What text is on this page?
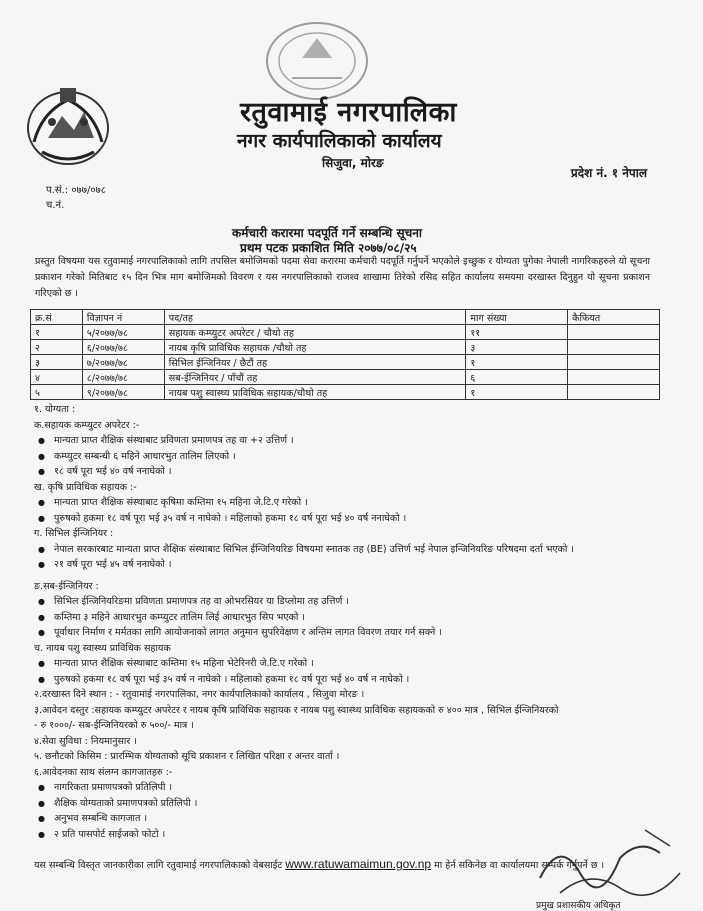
रतुवामाई नगरपालिका
नगर कार्यपालिकाको कार्यालय
सिजुवा, मोरङ
प्रदेश नं. १ नेपाल
प.सं.: ०७७/०७८
च.नं.
कर्मचारी करारमा पदपूर्ति गर्ने सम्बन्धि सूचना
प्रथम पटक प्रकाशित मिति २०७७/०८/२५
प्रस्तुत विषयमा यस रतुवामाई नगरपालिकाको लागि तपसिल बमोजिमको पदमा सेवा करारमा कर्मचारी पदपूर्ति गर्नुपर्ने भएकोले इच्छुक र योग्यता पुगेका नेपाली नागरिकहरुले यो सूचना प्रकाशन गरेको मितिबाट १५ दिन भित्र माग बमोजिमको विवरण र यस नगरपालिकाको राजश्व शाखामा तिरेको रसिद सहित कार्यालय समयमा दरखास्त दिनुहुन यो सूचना प्रकाशन गरिएको छ ।
क्र.सं	विज्ञापन नं	पद/तह	माग संख्या	कैफियत
१	५/२०७७/७८	सहायक कम्प्युटर अपरेटर / चौथो तह	११	
२	६/२०७७/७८	नायब कृषि प्राविधिक सहायक /चौथो तह	३	
३	७/२०७७/७८	सिभिल ईन्जिनियर / छैटौं तह	१	
४	८/२०७७/७८	सब-ईन्जिनियर / पाँचौं तह	६	
५	९/२०७७/७८	नायब पशु स्वास्थ्य प्राविधिक सहायक/चौथो तह	१	
१. योग्यता :
क.सहायक कम्प्युटर अपरेटर :-
● मान्यता प्राप्त शैक्षिक संस्थाबाट प्रविणता प्रमाणपत्र तह वा +२ उत्तिर्ण ।
● कम्प्युटर सम्बन्धी ६ महिने आधारभुत तालिम लिएको ।
● १८ वर्ष पूरा भई ४० वर्ष ननाघेको ।
ख. कृषि प्राविधिक सहायक :-
● मान्यता प्राप्त शैक्षिक संस्थाबाट कृषिमा कम्तिमा १५ महिना जे.टि.ए गरेको ।
● पुरुषको हकमा १८ वर्ष पूरा भई ३५ वर्ष न नाघेको । महिलाको हकमा १८ वर्ष पूरा भई ४० वर्ष ननाघेको ।
ग. सिभिल ईन्जिनियर :
● नेपाल सरकारबाट मान्यता प्राप्त शैक्षिक संस्थाबाट सिभिल ईन्जिनियरिङ विषयमा स्नातक तह (BE) उत्तिर्ण भई नेपाल इन्जिनियरिङ परिषदमा दर्ता भएको ।
● २१ वर्ष पूरा भई ४५ वर्ष ननाघेको ।
ङ.सब-ईन्जिनियर :
● सिभिल ईन्जिनियरिङमा प्रविणता प्रमाणपत्र तह वा ओभरसियर या डिप्लोमा तह उत्तिर्ण ।
● कम्तिमा ३ महिने आधारभुत कम्प्युटर तालिम लिई आधारभुत सिप भएको ।
● पूर्वाधार निर्माण र मर्मतका लागि आयोजनाको लागत अनुमान सुपरिवेक्षण र अन्तिम लागत विवरण तयार गर्न सक्ने ।
च. नायब पशु स्वास्थ्य प्राविधिक सहायक
● मान्यता प्राप्त शैक्षिक संस्थाबाट कम्तिमा १५ महिना भेटेरिनरी जे.टि.ए गरेको ।
● पुरुषको हकमा १८ वर्ष पूरा भई ३५ वर्ष न नाघेको । महिलाको हकमा १८ वर्ष पूरा भई ४० वर्ष न नाघेको ।
२.दरखास्त दिने स्थान : - रतुवामाई नगरपालिका, नगर कार्यपालिकाको कार्यालय , सिजुवा मोरङ ।
३.आवेदन दस्तुर :सहायक कम्प्युटर अपरेटर र नायब कृषि प्राविधिक सहायक र नायब पशु स्वास्थ्य प्राविधिक सहायकको रु ४०० मात्र , सिभिल ईन्जिनियरको
- रु १०००/- सब-ईन्जिनियरको रु ५००/- मात्र ।
४.सेवा सुविधा : नियमानुसार ।
५. छनौटको किसिम : प्रारम्भिक योग्यताको सूचि प्रकाशन र लिखित परिक्षा र अन्तर वार्ता ।
६.आवेदनका साथ संलग्न कागजातहरु :-
● नागरिकता प्रमाणपत्रको प्रतिलिपी ।
● शैक्षिक योग्यताको प्रमाणपत्रको प्रतिलिपी ।
● अनुभव सम्बन्धि कागजात ।
● २ प्रति पासपोर्ट साईजको फोटो ।
यस सम्बन्धि विस्तृत जानकारीका लागि रतुवामाई नगरपालिकाको वेबसाईट www.ratuwamaimun.gov.np मा हेर्न सकिनेछ वा कार्यालयमा सम्पर्क गर्नुपर्ने छ ।
प्रमुख प्रशासकीय अधिकृत
